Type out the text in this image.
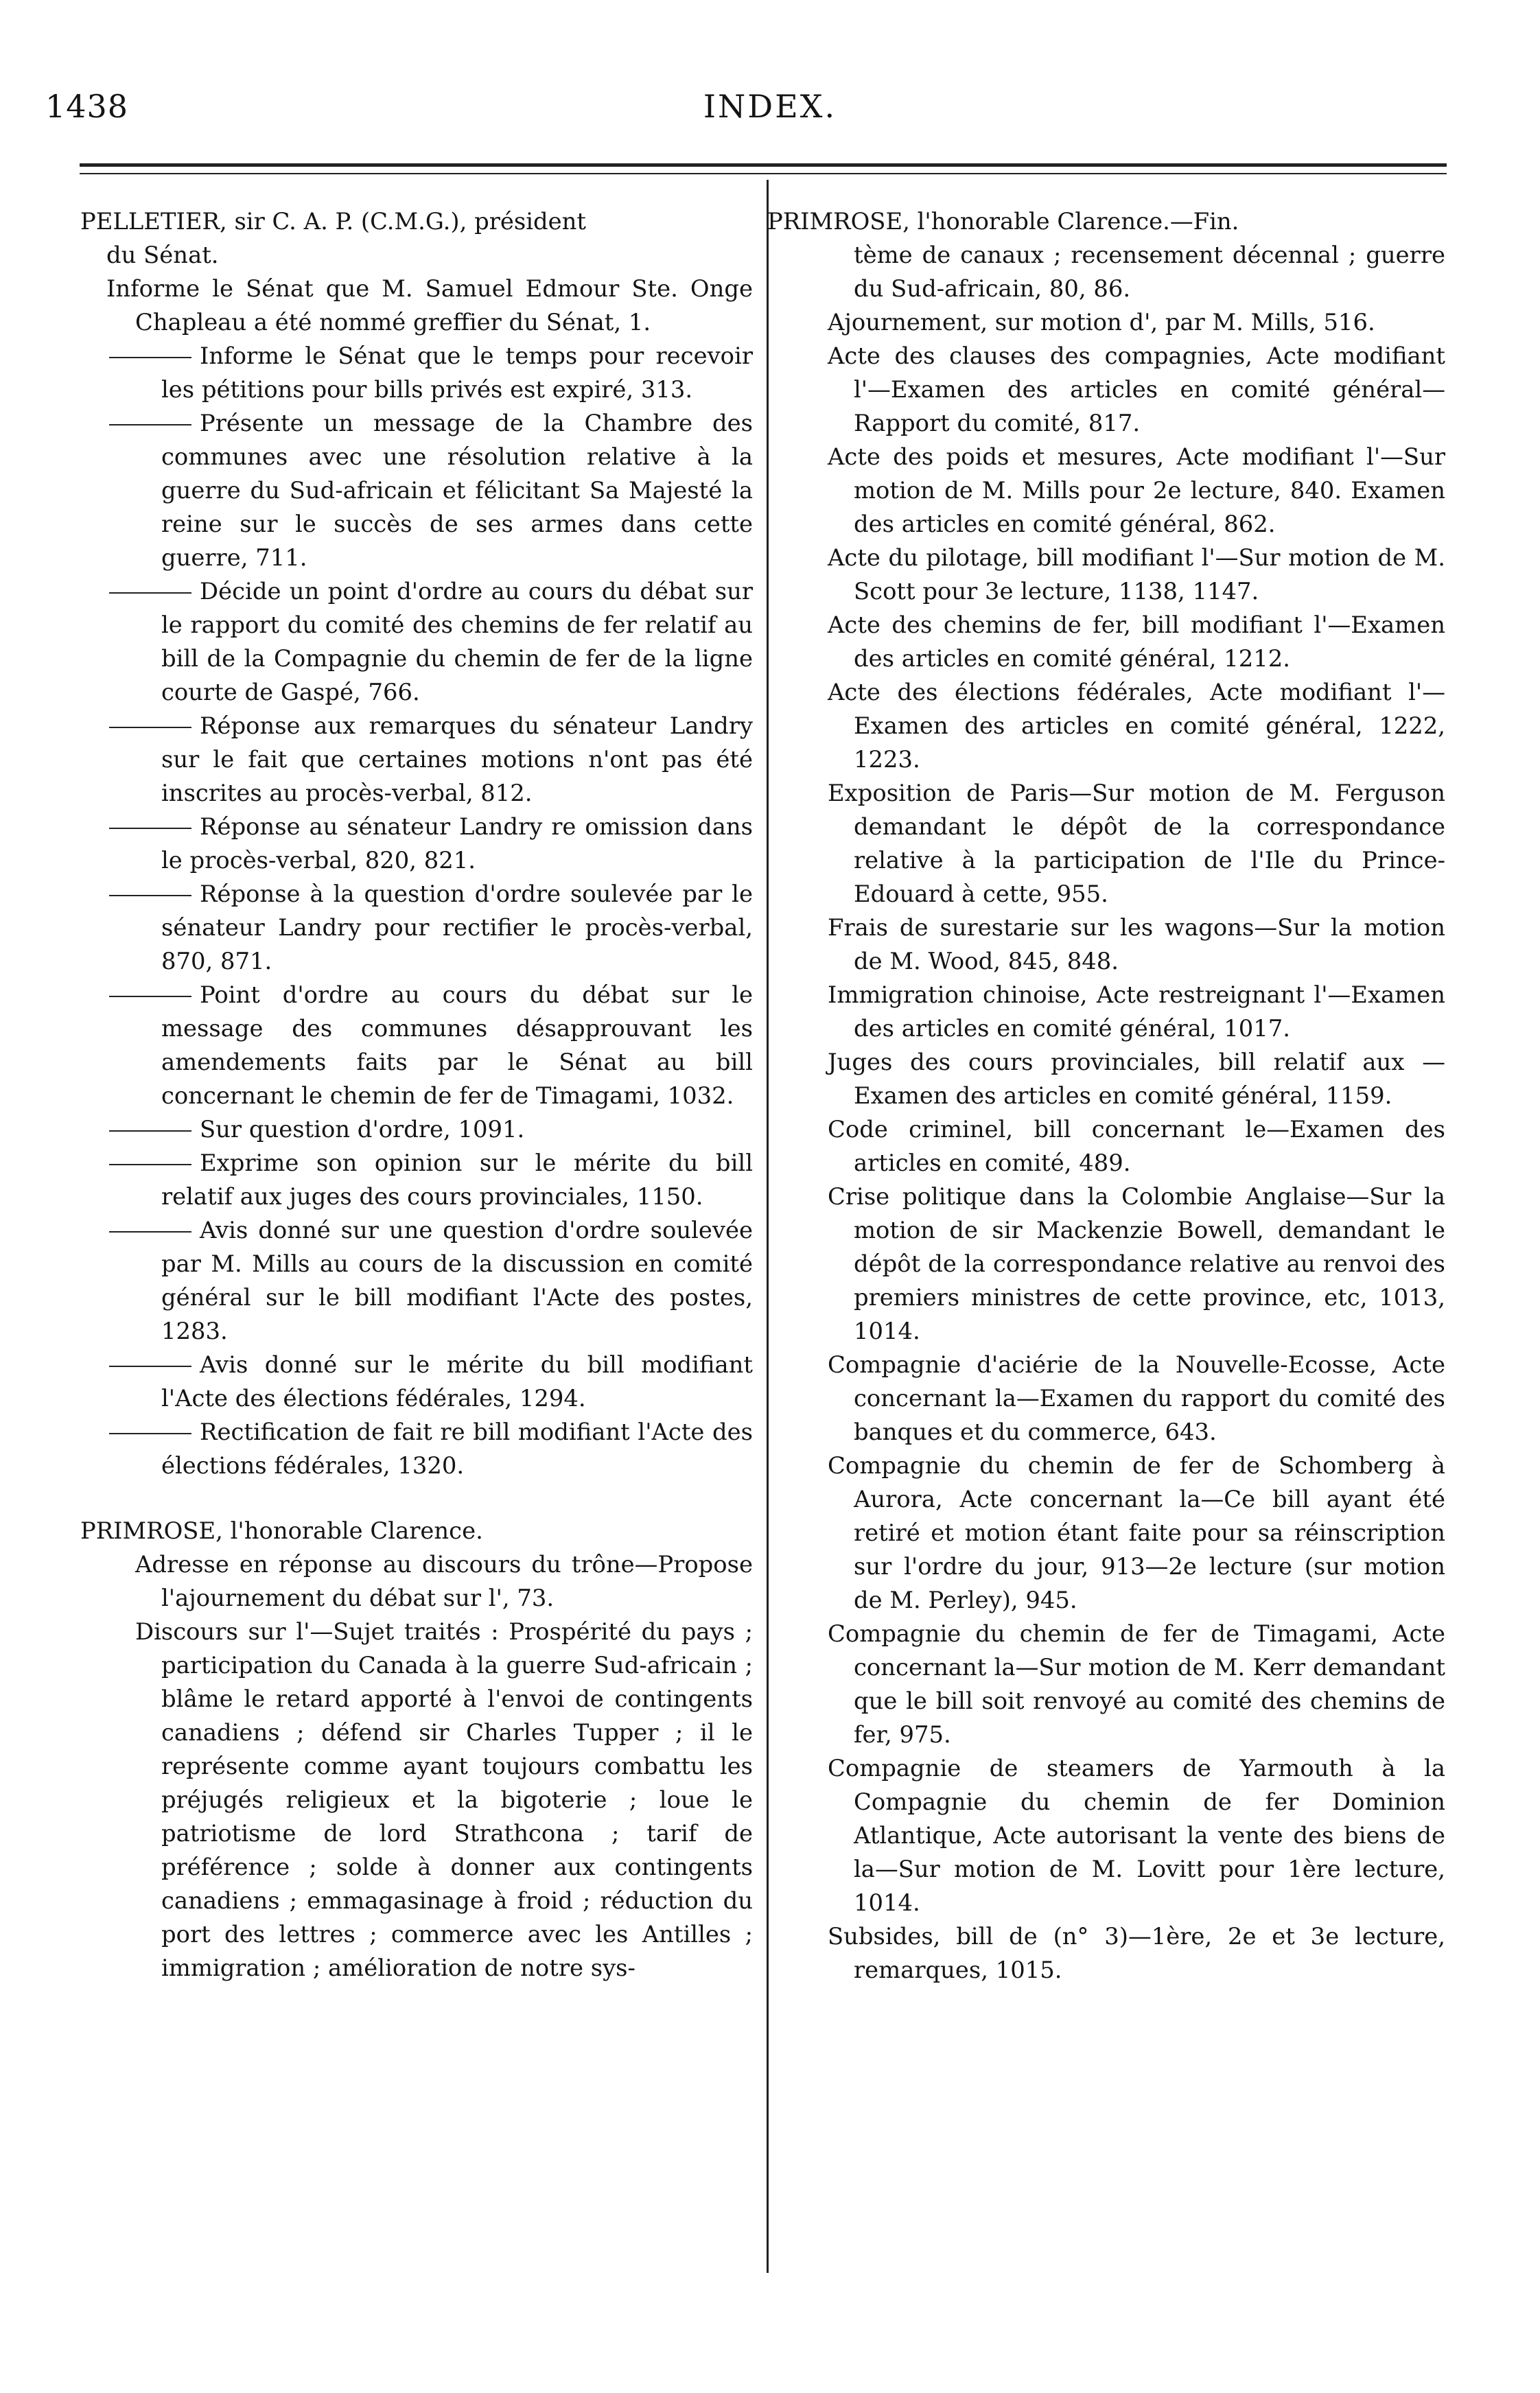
1438	INDEX.

PELLETIER, sir C. A. P. (C.M.G.), président

du Sénat.

Informe le Sénat que M. Samuel Edmour Ste. Onge Chapleau a été nommé greffier du Sénat, 1.

Informe le Sénat que le temps pour recevoir les pétitions pour bills privés est expiré, 313.

Présente un message de la Chambre des communes avec une résolution relative à la guerre du Sud-africain et félicitant Sa Majesté la reine sur le succès de ses armes dans cette guerre, 711.

Décide un point d'ordre au cours du débat sur le rapport du comité des chemins de fer relatif au bill de la Compagnie du chemin de fer de la ligne courte de Gaspé, 766.

Réponse aux remarques du sénateur Landry sur le fait que certaines motions n'ont pas été inscrites au procès-verbal, 812.

Réponse au sénateur Landry re omission dans le procès-verbal, 820, 821.

Réponse à la question d'ordre soulevée par le sénateur Landry pour rectifier le procès-verbal, 870, 871.

Point d'ordre au cours du débat sur le message des communes désapprouvant les amendements faits par le Sénat au bill concernant le chemin de fer de Timagami, 1032.

Sur question d'ordre, 1091.

Exprime son opinion sur le mérite du bill relatif aux juges des cours provinciales, 1150.

Avis donné sur une question d'ordre soulevée par M. Mills au cours de la discussion en comité général sur le bill modifiant l'Acte des postes, 1283.

Avis donné sur le mérite du bill modifiant l'Acte des élections fédérales, 1294.

Rectification de fait re bill modifiant l'Acte des élections fédérales, 1320.

PRIMROSE, l'honorable Clarence.

Adresse en réponse au discours du trône—Propose l'ajournement du débat sur l', 73.

Discours sur l'—Sujet traités : Prospérité du pays ; participation du Canada à la guerre Sud-africain ; blâme le retard apporté à l'envoi de contingents canadiens ; défend sir Charles Tupper ; il le représente comme ayant toujours combattu les préjugés religieux et la bigoterie ; loue le patriotisme de lord Strathcona ; tarif de préférence ; solde à donner aux contingents canadiens ; emmagasinage à froid ; réduction du port des lettres ; commerce avec les Antilles ; immigration ; amélioration de notre sys-

PRIMROSE, l'honorable Clarence.—Fin.

tème de canaux ; recensement décennal ; guerre du Sud-africain, 80, 86.

Ajournement, sur motion d', par M. Mills, 516.

Acte des clauses des compagnies, Acte modifiant l'—Examen des articles en comité général—Rapport du comité, 817.

Acte des poids et mesures, Acte modifiant l'—Sur motion de M. Mills pour 2e lecture, 840. Examen des articles en comité général, 862.

Acte du pilotage, bill modifiant l'—Sur motion de M. Scott pour 3e lecture, 1138, 1147.

Acte des chemins de fer, bill modifiant l'—Examen des articles en comité général, 1212.

Acte des élections fédérales, Acte modifiant l'—Examen des articles en comité général, 1222, 1223.

Exposition de Paris—Sur motion de M. Ferguson demandant le dépôt de la correspondance relative à la participation de l'Ile du Prince-Edouard à cette, 955.

Frais de surestarie sur les wagons—Sur la motion de M. Wood, 845, 848.

Immigration chinoise, Acte restreignant l'—Examen des articles en comité général, 1017.

Juges des cours provinciales, bill relatif aux —Examen des articles en comité général, 1159.

Code criminel, bill concernant le—Examen des articles en comité, 489.

Crise politique dans la Colombie Anglaise—Sur la motion de sir Mackenzie Bowell, demandant le dépôt de la correspondance relative au renvoi des premiers ministres de cette province, etc, 1013, 1014.

Compagnie d'aciérie de la Nouvelle-Ecosse, Acte concernant la—Examen du rapport du comité des banques et du commerce, 643.

Compagnie du chemin de fer de Schomberg à Aurora, Acte concernant la—Ce bill ayant été retiré et motion étant faite pour sa réinscription sur l'ordre du jour, 913—2e lecture (sur motion de M. Perley), 945.

Compagnie du chemin de fer de Timagami, Acte concernant la—Sur motion de M. Kerr demandant que le bill soit renvoyé au comité des chemins de fer, 975.

Compagnie de steamers de Yarmouth à la Compagnie du chemin de fer Dominion Atlantique, Acte autorisant la vente des biens de la—Sur motion de M. Lovitt pour 1ère lecture, 1014.

Subsides, bill de (n° 3)—1ère, 2e et 3e lecture, remarques, 1015.
